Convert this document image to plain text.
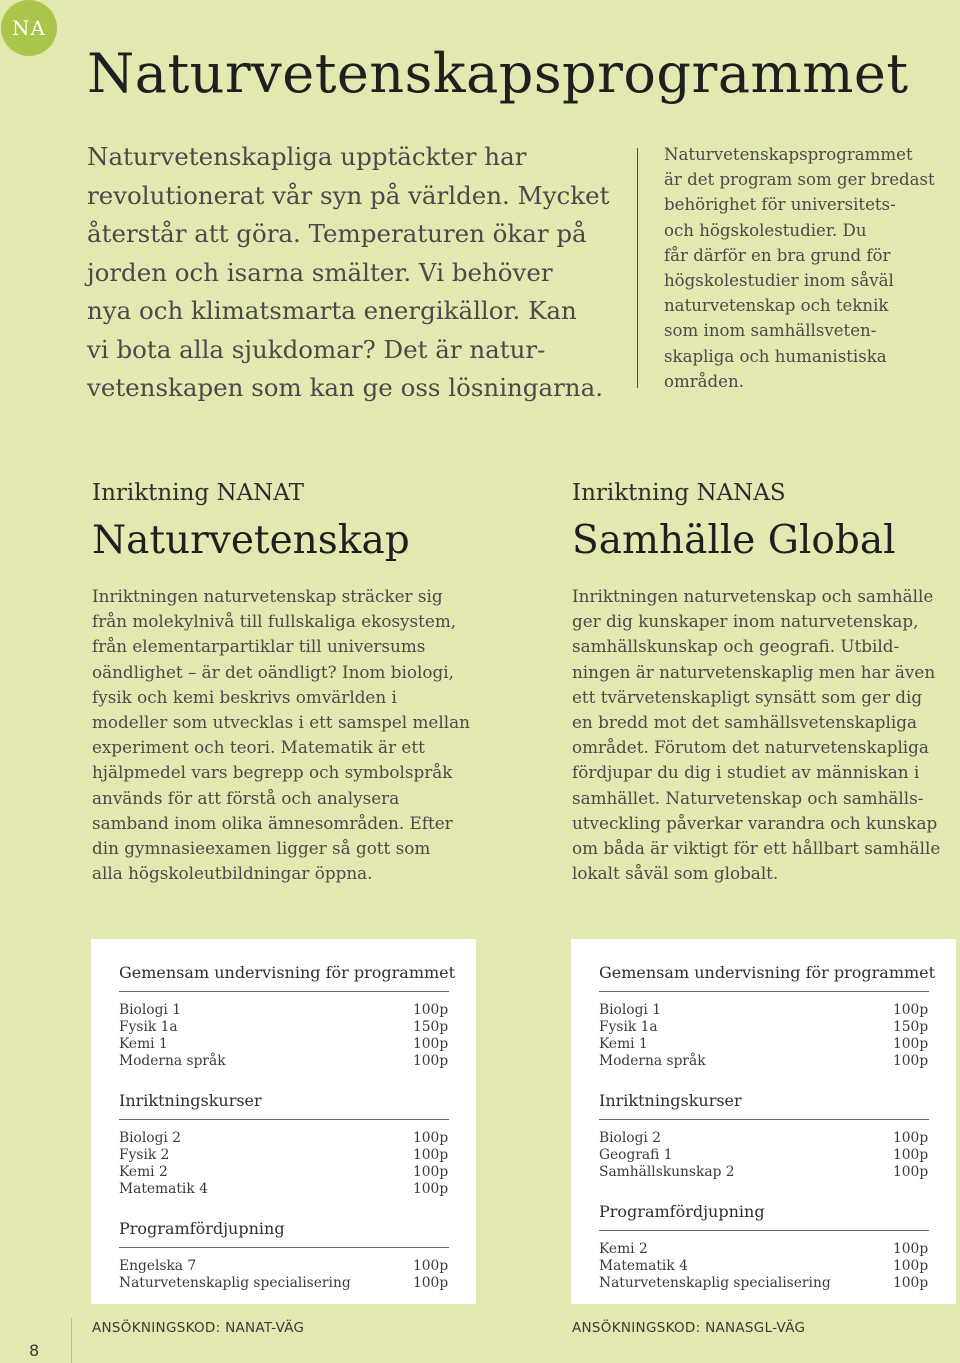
NA
Naturvetenskapsprogrammet
Naturvetenskapliga upptäckter har
revolutionerat vår syn på världen. Mycket
återstår att göra. Temperaturen ökar på
jorden och isarna smälter. Vi behöver
nya och klimatsmarta energikällor. Kan
vi bota alla sjukdomar? Det är natur-
vetenskapen som kan ge oss lösningarna.
Naturvetenskapsprogrammet
är det program som ger bredast
behörighet för universitets-
och högskolestudier. Du
får därför en bra grund för
högskolestudier inom såväl
naturvetenskap och teknik
som inom samhällsveten-
skapliga och humanistiska
områden.
Inriktning NANAT
Naturvetenskap
Inriktningen naturvetenskap sträcker sig
från molekylnivå till fullskaliga ekosystem,
från elementarpartiklar till universums
oändlighet – är det oändligt? Inom biologi,
fysik och kemi beskrivs omvärlden i
modeller som utvecklas i ett samspel mellan
experiment och teori. Matematik är ett
hjälpmedel vars begrepp och symbolspråk
används för att förstå och analysera
samband inom olika ämnesområden. Efter
din gymnasieexamen ligger så gott som
alla högskoleutbildningar öppna.
Inriktning NANAS
Samhälle Global
Inriktningen naturvetenskap och samhälle
ger dig kunskaper inom naturvetenskap,
samhällskunskap och geografi. Utbild-
ningen är naturvetenskaplig men har även
ett tvärvetenskapligt synsätt som ger dig
en bredd mot det samhällsvetenskapliga
området. Förutom det naturvetenskapliga
fördjupar du dig i studiet av människan i
samhället. Naturvetenskap och samhälls-
utveckling påverkar varandra och kunskap
om båda är viktigt för ett hållbart samhälle
lokalt såväl som globalt.
Gemensam undervisning för programmet
Biologi 1	100p
Fysik 1a	150p
Kemi 1	100p
Moderna språk	100p
Inriktningskurser
Biologi 2	100p
Fysik 2	100p
Kemi 2	100p
Matematik 4	100p
Programfördjupning
Engelska 7	100p
Naturvetenskaplig specialisering	100p
Gemensam undervisning för programmet
Biologi 1	100p
Fysik 1a	150p
Kemi 1	100p
Moderna språk	100p
Inriktningskurser
Biologi 2	100p
Geografi 1	100p
Samhällskunskap 2	100p
Programfördjupning
Kemi 2	100p
Matematik 4	100p
Naturvetenskaplig specialisering	100p
ANSÖKNINGSKOD: NANAT-VÄG	ANSÖKNINGSKOD: NANASGL-VÄG
8
